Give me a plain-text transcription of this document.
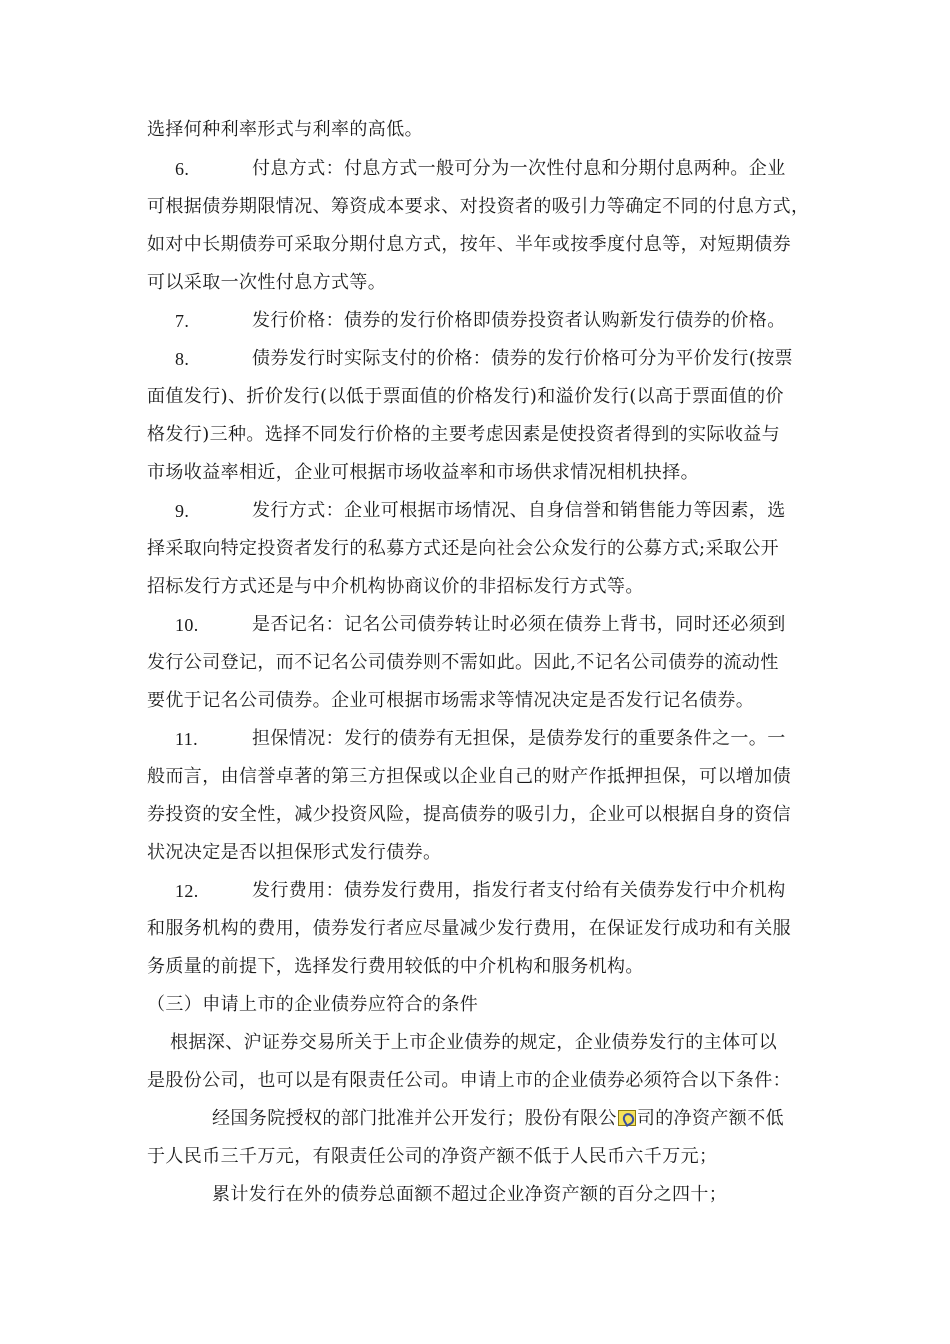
选择何种利率形式与利率的高低。
6.	付息方式：付息方式一般可分为一次性付息和分期付息两种。企业
可根据债券期限情况、筹资成本要求、对投资者的吸引力等确定不同的付息方式，
如对中长期债券可采取分期付息方式，按年、半年或按季度付息等，对短期债券
可以采取一次性付息方式等。
7.	发行价格：债券的发行价格即债券投资者认购新发行债券的价格。
8.	债券发行时实际支付的价格：债券的发行价格可分为平价发行(按票
面值发行)、折价发行(以低于票面值的价格发行)和溢价发行(以高于票面值的价
格发行)三种。选择不同发行价格的主要考虑因素是使投资者得到的实际收益与
市场收益率相近，企业可根据市场收益率和市场供求情况相机抉择。
9.	发行方式：企业可根据市场情况、自身信誉和销售能力等因素，选
择采取向特定投资者发行的私募方式还是向社会公众发行的公募方式;采取公开
招标发行方式还是与中介机构协商议价的非招标发行方式等。
10.	是否记名：记名公司债券转让时必须在债券上背书，同时还必须到
发行公司登记，而不记名公司债券则不需如此。因此,不记名公司债券的流动性
要优于记名公司债券。企业可根据市场需求等情况决定是否发行记名债券。
11.	担保情况：发行的债券有无担保，是债券发行的重要条件之一。一
般而言，由信誉卓著的第三方担保或以企业自己的财产作抵押担保，可以增加债
券投资的安全性，减少投资风险，提高债券的吸引力，企业可以根据自身的资信
状况决定是否以担保形式发行债券。
12.	发行费用：债券发行费用，指发行者支付给有关债券发行中介机构
和服务机构的费用，债券发行者应尽量减少发行费用，在保证发行成功和有关服
务质量的前提下，选择发行费用较低的中介机构和服务机构。
（三）申请上市的企业债券应符合的条件
根据深、沪证券交易所关于上市企业债券的规定，企业债券发行的主体可以
是股份公司，也可以是有限责任公司。申请上市的企业债券必须符合以下条件：
经国务院授权的部门批准并公开发行；股份有限公 司的净资产额不低
于人民币三千万元，有限责任公司的净资产额不低于人民币六千万元；
累计发行在外的债券总面额不超过企业净资产额的百分之四十；
